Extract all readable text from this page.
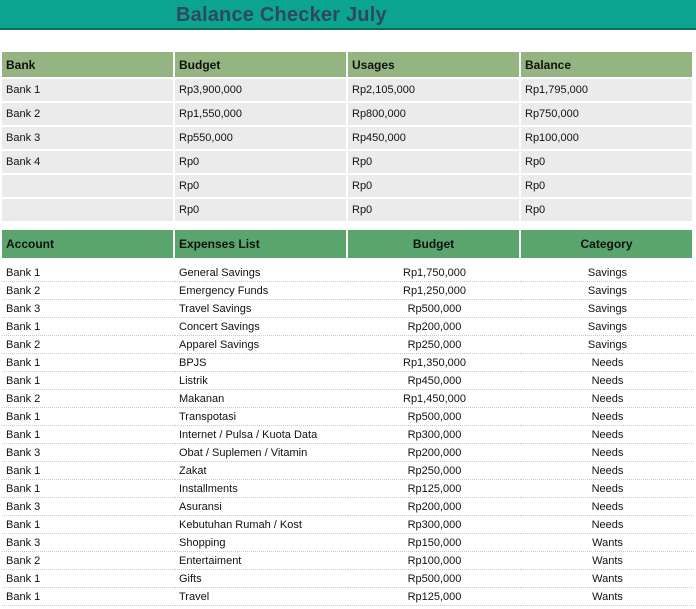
Balance Checker July
Bank	Budget	Usages	Balance
Bank 1	Rp3,900,000	Rp2,105,000	Rp1,795,000
Bank 2	Rp1,550,000	Rp800,000	Rp750,000
Bank 3	Rp550,000	Rp450,000	Rp100,000
Bank 4	Rp0	Rp0	Rp0
	Rp0	Rp0	Rp0
	Rp0	Rp0	Rp0
Account	Expenses List	Budget	Category
Bank 1	General Savings	Rp1,750,000	Savings
Bank 2	Emergency Funds	Rp1,250,000	Savings
Bank 3	Travel Savings	Rp500,000	Savings
Bank 1	Concert Savings	Rp200,000	Savings
Bank 2	Apparel Savings	Rp250,000	Savings
Bank 1	BPJS	Rp1,350,000	Needs
Bank 1	Listrik	Rp450,000	Needs
Bank 2	Makanan	Rp1,450,000	Needs
Bank 1	Transpotasi	Rp500,000	Needs
Bank 1	Internet / Pulsa / Kuota Data	Rp300,000	Needs
Bank 3	Obat / Suplemen / Vitamin	Rp200,000	Needs
Bank 1	Zakat	Rp250,000	Needs
Bank 1	Installments	Rp125,000	Needs
Bank 3	Asuransi	Rp200,000	Needs
Bank 1	Kebutuhan Rumah / Kost	Rp300,000	Needs
Bank 3	Shopping	Rp150,000	Wants
Bank 2	Entertaiment	Rp100,000	Wants
Bank 1	Gifts	Rp500,000	Wants
Bank 1	Travel	Rp125,000	Wants
